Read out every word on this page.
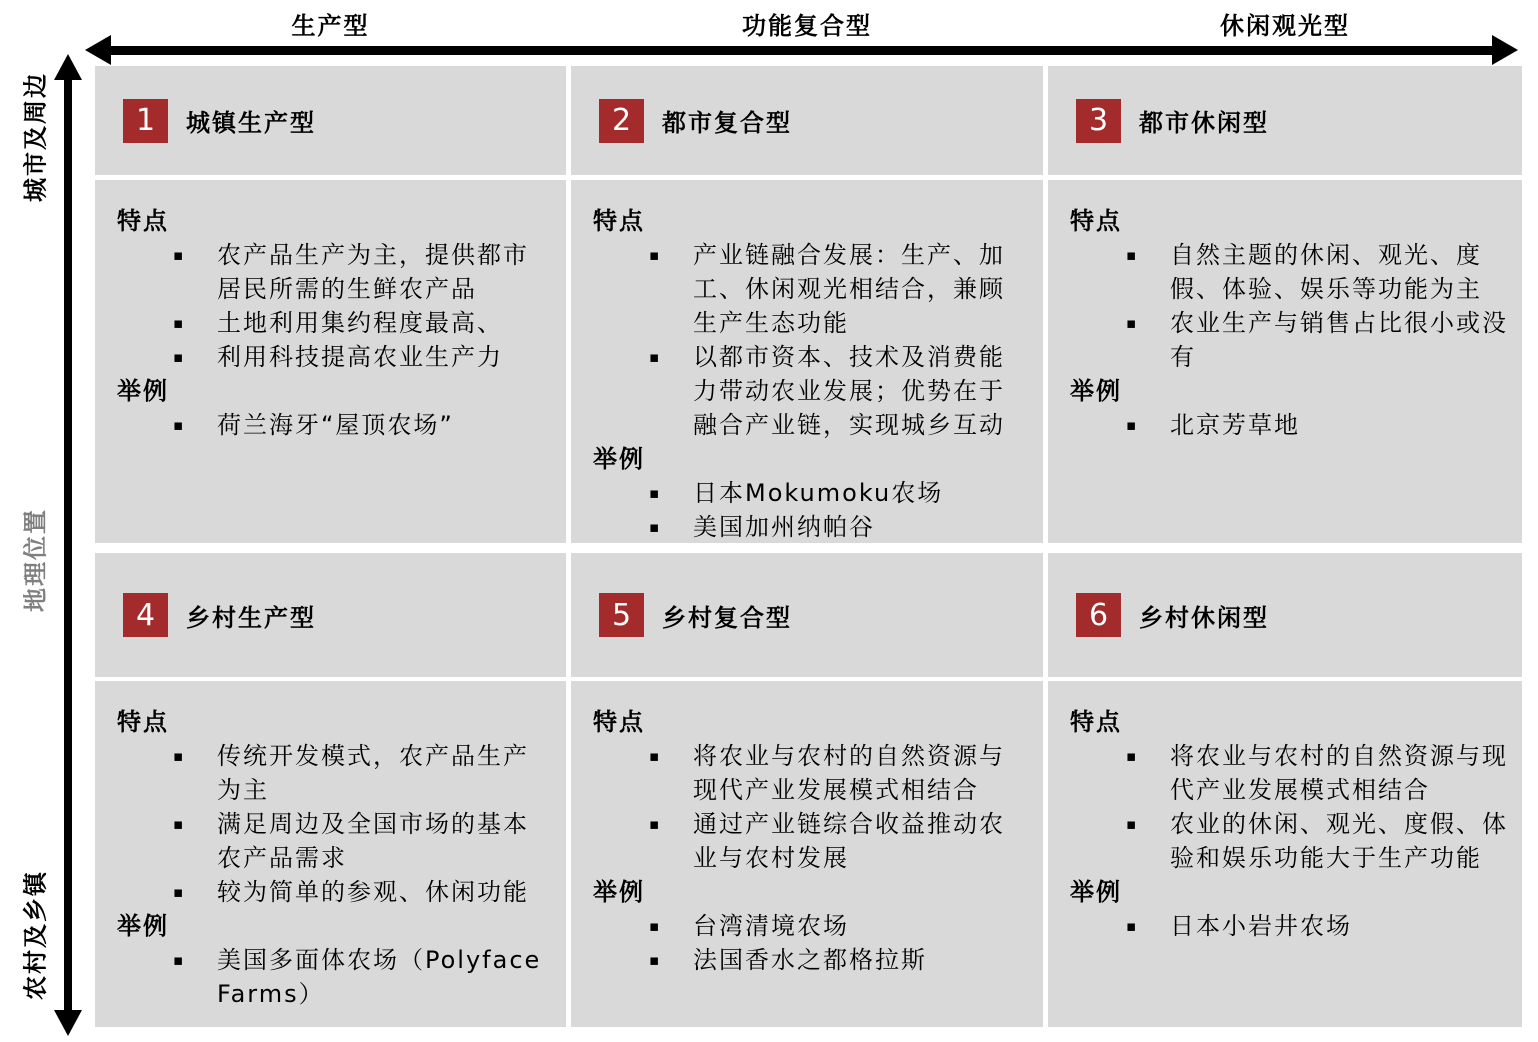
生产型	功能复合型	休闲观光型
城市及周边
地理位置
农村及乡镇
1	城镇生产型
特点
▪	农产品生产为主，提供都市居民所需的生鲜农产品
▪	土地利用集约程度最高、
▪	利用科技提高农业生产力
举例
▪	荷兰海牙“屋顶农场”
2	都市复合型
特点
▪	产业链融合发展：生产、加工、休闲观光相结合，兼顾生产生态功能
▪	以都市资本、技术及消费能力带动农业发展；优势在于融合产业链，实现城乡互动
举例
▪	日本Mokumoku农场
▪	美国加州纳帕谷
3	都市休闲型
特点
▪	自然主题的休闲、观光、度假、体验、娱乐等功能为主
▪	农业生产与销售占比很小或没有
举例
▪	北京芳草地
4	乡村生产型
特点
▪	传统开发模式，农产品生产为主
▪	满足周边及全国市场的基本农产品需求
▪	较为简单的参观、休闲功能
举例
▪	美国多面体农场（Polyface Farms）
5	乡村复合型
特点
▪	将农业与农村的自然资源与现代产业发展模式相结合
▪	通过产业链综合收益推动农业与农村发展
举例
▪	台湾清境农场
▪	法国香水之都格拉斯
6	乡村休闲型
特点
▪	将农业与农村的自然资源与现代产业发展模式相结合
▪	农业的休闲、观光、度假、体验和娱乐功能大于生产功能
举例
▪	日本小岩井农场
